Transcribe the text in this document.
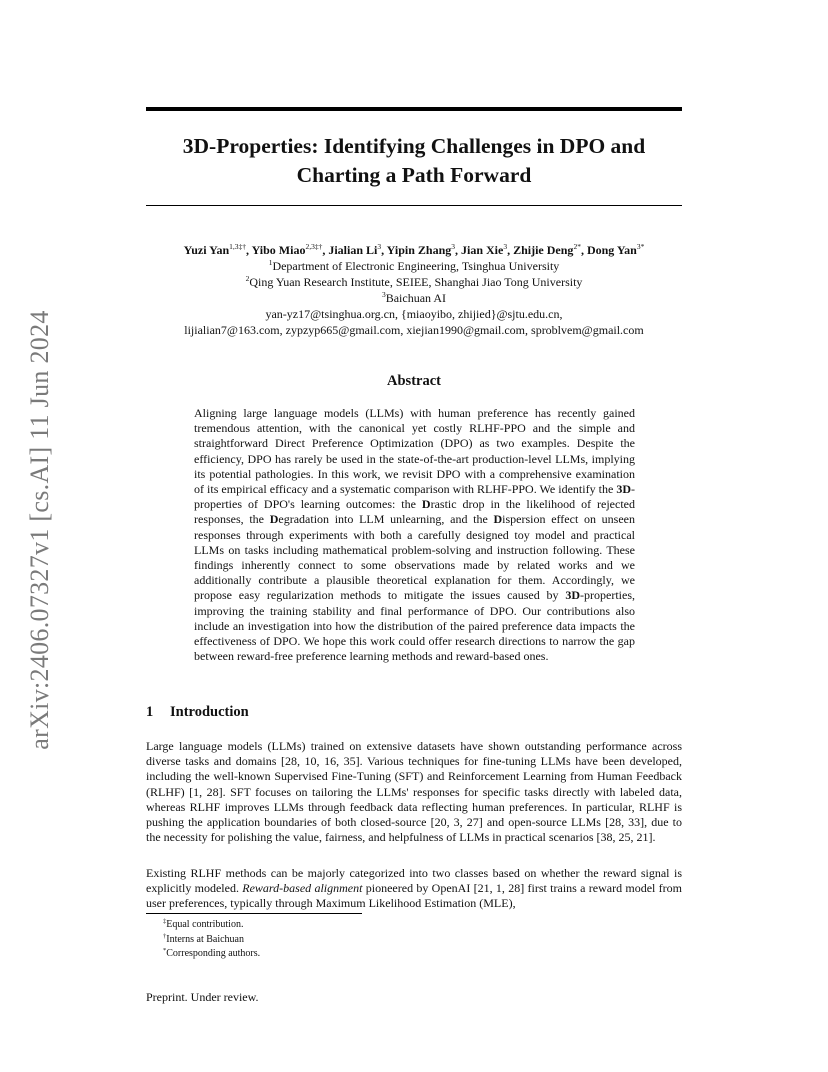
arXiv:2406.07327v1 [cs.AI] 11 Jun 2024
3D-Properties: Identifying Challenges in DPO and
Charting a Path Forward
Yuzi Yan$^{1,3\ddagger\dagger}$, Yibo Miao$^{2,3\ddagger\dagger}$, Jialian Li$^3$, Yipin Zhang$^3$, Jian Xie$^3$, Zhijie Deng$^{2*}$, Dong Yan$^{3*}$
$^1$Department of Electronic Engineering, Tsinghua University
$^2$Qing Yuan Research Institute, SEIEE, Shanghai Jiao Tong University
$^3$Baichuan AI
yan-yz17@tsinghua.org.cn, {miaoyibo, zhijied}@sjtu.edu.cn,
lijialian7@163.com, zypzyp665@gmail.com, xiejian1990@gmail.com, sproblvem@gmail.com
Abstract
Aligning large language models (LLMs) with human preference has recently gained tremendous attention, with the canonical yet costly RLHF-PPO and the simple and straightforward Direct Preference Optimization (DPO) as two examples. Despite the efficiency, DPO has rarely be used in the state-of-the-art production-level LLMs, implying its potential pathologies. In this work, we revisit DPO with a comprehensive examination of its empirical efficacy and a systematic comparison with RLHF-PPO. We identify the 3D-properties of DPO's learning outcomes: the Drastic drop in the likelihood of rejected responses, the Degradation into LLM unlearning, and the Dispersion effect on unseen responses through experiments with both a carefully designed toy model and practical LLMs on tasks including mathematical problem-solving and instruction following. These findings inherently connect to some observations made by related works and we additionally contribute a plausible theoretical explanation for them. Accordingly, we propose easy regularization methods to mitigate the issues caused by 3D-properties, improving the training stability and final performance of DPO. Our contributions also include an investigation into how the distribution of the paired preference data impacts the effectiveness of DPO. We hope this work could offer research directions to narrow the gap between reward-free preference learning methods and reward-based ones.
1 Introduction
Large language models (LLMs) trained on extensive datasets have shown outstanding performance across diverse tasks and domains [28, 10, 16, 35]. Various techniques for fine-tuning LLMs have been developed, including the well-known Supervised Fine-Tuning (SFT) and Reinforcement Learning from Human Feedback (RLHF) [1, 28]. SFT focuses on tailoring the LLMs' responses for specific tasks directly with labeled data, whereas RLHF improves LLMs through feedback data reflecting human preferences. In particular, RLHF is pushing the application boundaries of both closed-source [20, 3, 27] and open-source LLMs [28, 33], due to the necessity for polishing the value, fairness, and helpfulness of LLMs in practical scenarios [38, 25, 21].
Existing RLHF methods can be majorly categorized into two classes based on whether the reward signal is explicitly modeled. Reward-based alignment pioneered by OpenAI [21, 1, 28] first trains a reward model from user preferences, typically through Maximum Likelihood Estimation (MLE),
‡Equal contribution.
†Interns at Baichuan
*Corresponding authors.
Preprint. Under review.
